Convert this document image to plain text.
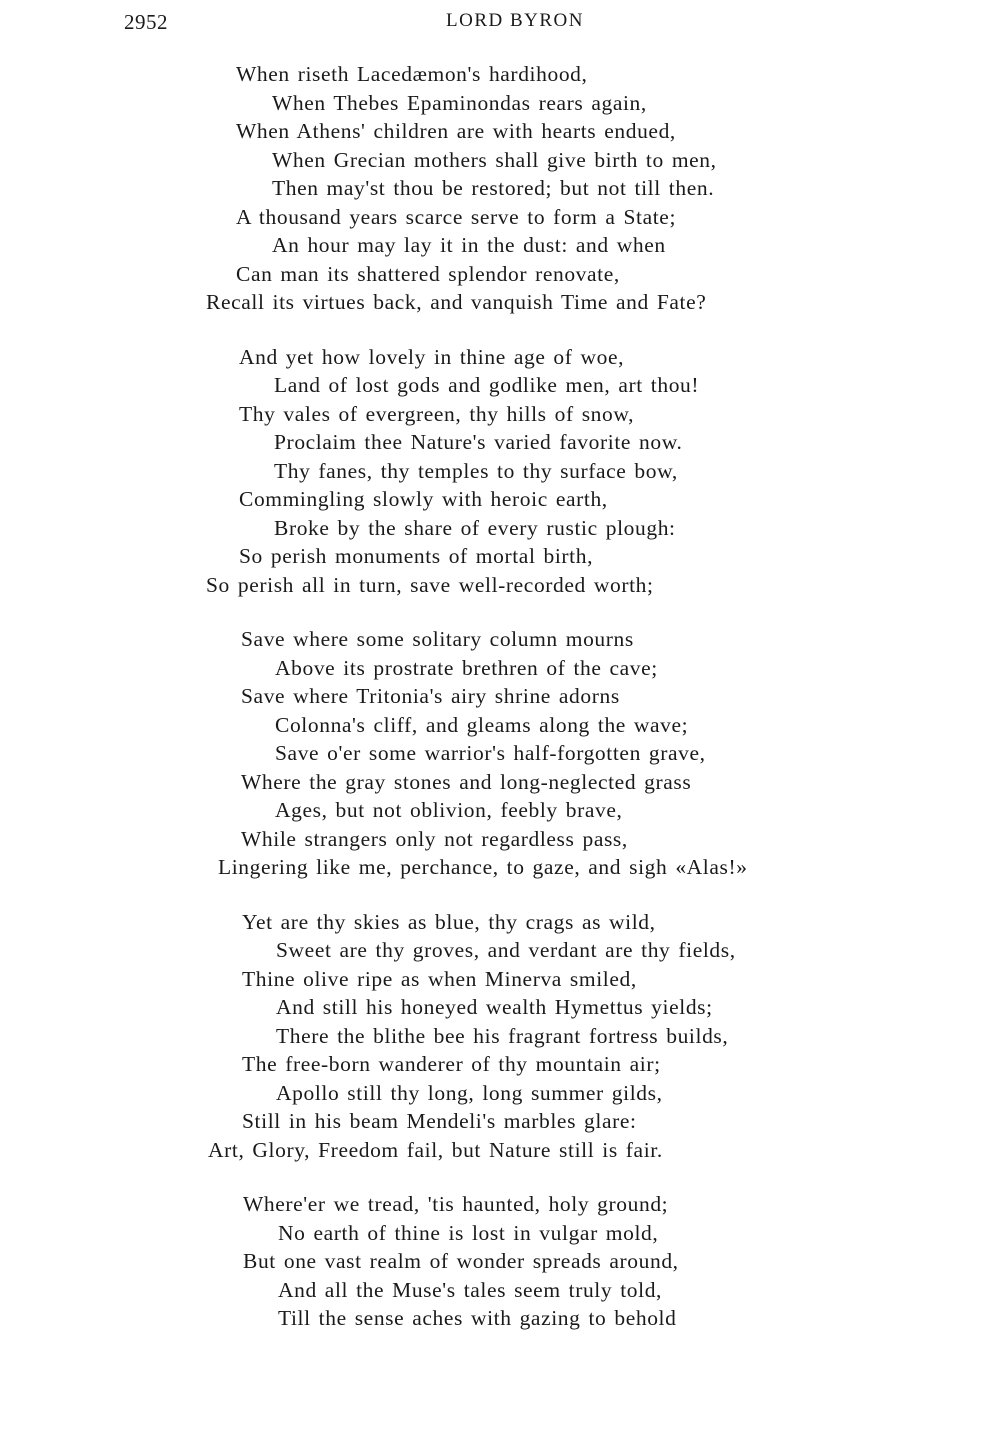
2952	LORD BYRON
When riseth Lacedæmon's hardihood,
When Thebes Epaminondas rears again,
When Athens' children are with hearts endued,
When Grecian mothers shall give birth to men,
Then may'st thou be restored; but not till then.
A thousand years scarce serve to form a State;
An hour may lay it in the dust: and when
Can man its shattered splendor renovate,
Recall its virtues back, and vanquish Time and Fate?
And yet how lovely in thine age of woe,
Land of lost gods and godlike men, art thou!
Thy vales of evergreen, thy hills of snow,
Proclaim thee Nature's varied favorite now.
Thy fanes, thy temples to thy surface bow,
Commingling slowly with heroic earth,
Broke by the share of every rustic plough:
So perish monuments of mortal birth,
So perish all in turn, save well-recorded worth;
Save where some solitary column mourns
Above its prostrate brethren of the cave;
Save where Tritonia's airy shrine adorns
Colonna's cliff, and gleams along the wave;
Save o'er some warrior's half-forgotten grave,
Where the gray stones and long-neglected grass
Ages, but not oblivion, feebly brave,
While strangers only not regardless pass,
Lingering like me, perchance, to gaze, and sigh «Alas!»
Yet are thy skies as blue, thy crags as wild,
Sweet are thy groves, and verdant are thy fields,
Thine olive ripe as when Minerva smiled,
And still his honeyed wealth Hymettus yields;
There the blithe bee his fragrant fortress builds,
The free-born wanderer of thy mountain air;
Apollo still thy long, long summer gilds,
Still in his beam Mendeli's marbles glare:
Art, Glory, Freedom fail, but Nature still is fair.
Where'er we tread, 'tis haunted, holy ground;
No earth of thine is lost in vulgar mold,
But one vast realm of wonder spreads around,
And all the Muse's tales seem truly told,
Till the sense aches with gazing to behold
